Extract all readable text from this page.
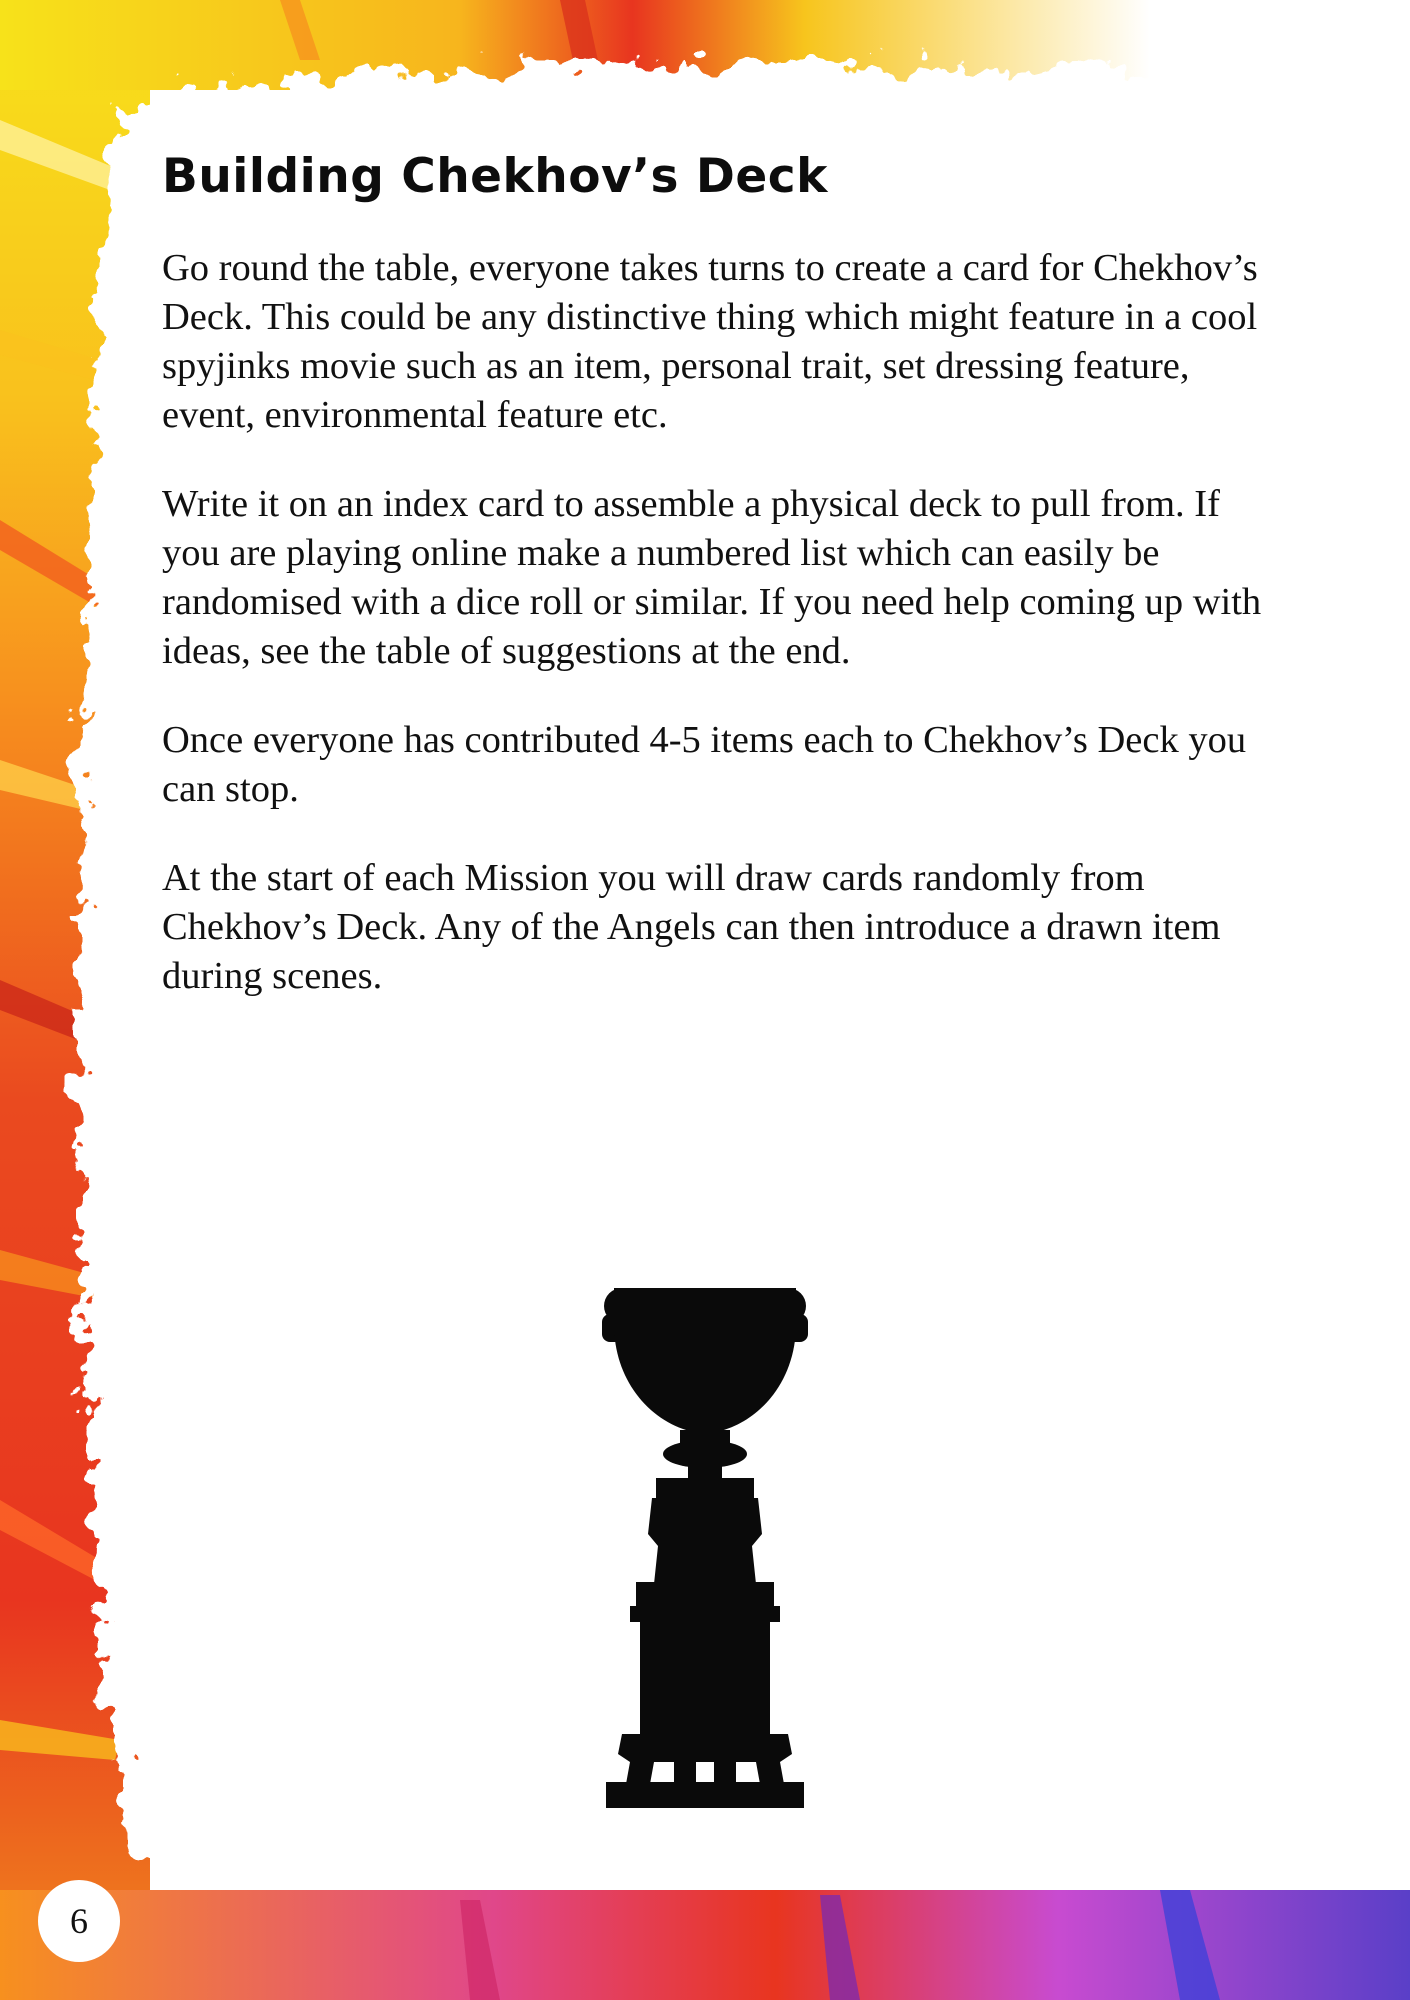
Building Chekhov’s Deck

Go round the table, everyone takes turns to create a card for Chekhov’s Deck. This could be any distinctive thing which might feature in a cool spyjinks movie such as an item, personal trait, set dressing feature, event, environmental feature etc.

Write it on an index card to assemble a physical deck to pull from. If you are playing online make a numbered list which can easily be randomised with a dice roll or similar. If you need help coming up with ideas, see the table of suggestions at the end.

Once everyone has contributed 4-5 items each to Chekhov’s Deck you can stop.

At the start of each Mission you will draw cards randomly from Chekhov’s Deck. Any of the Angels can then introduce a drawn item during scenes.

6
